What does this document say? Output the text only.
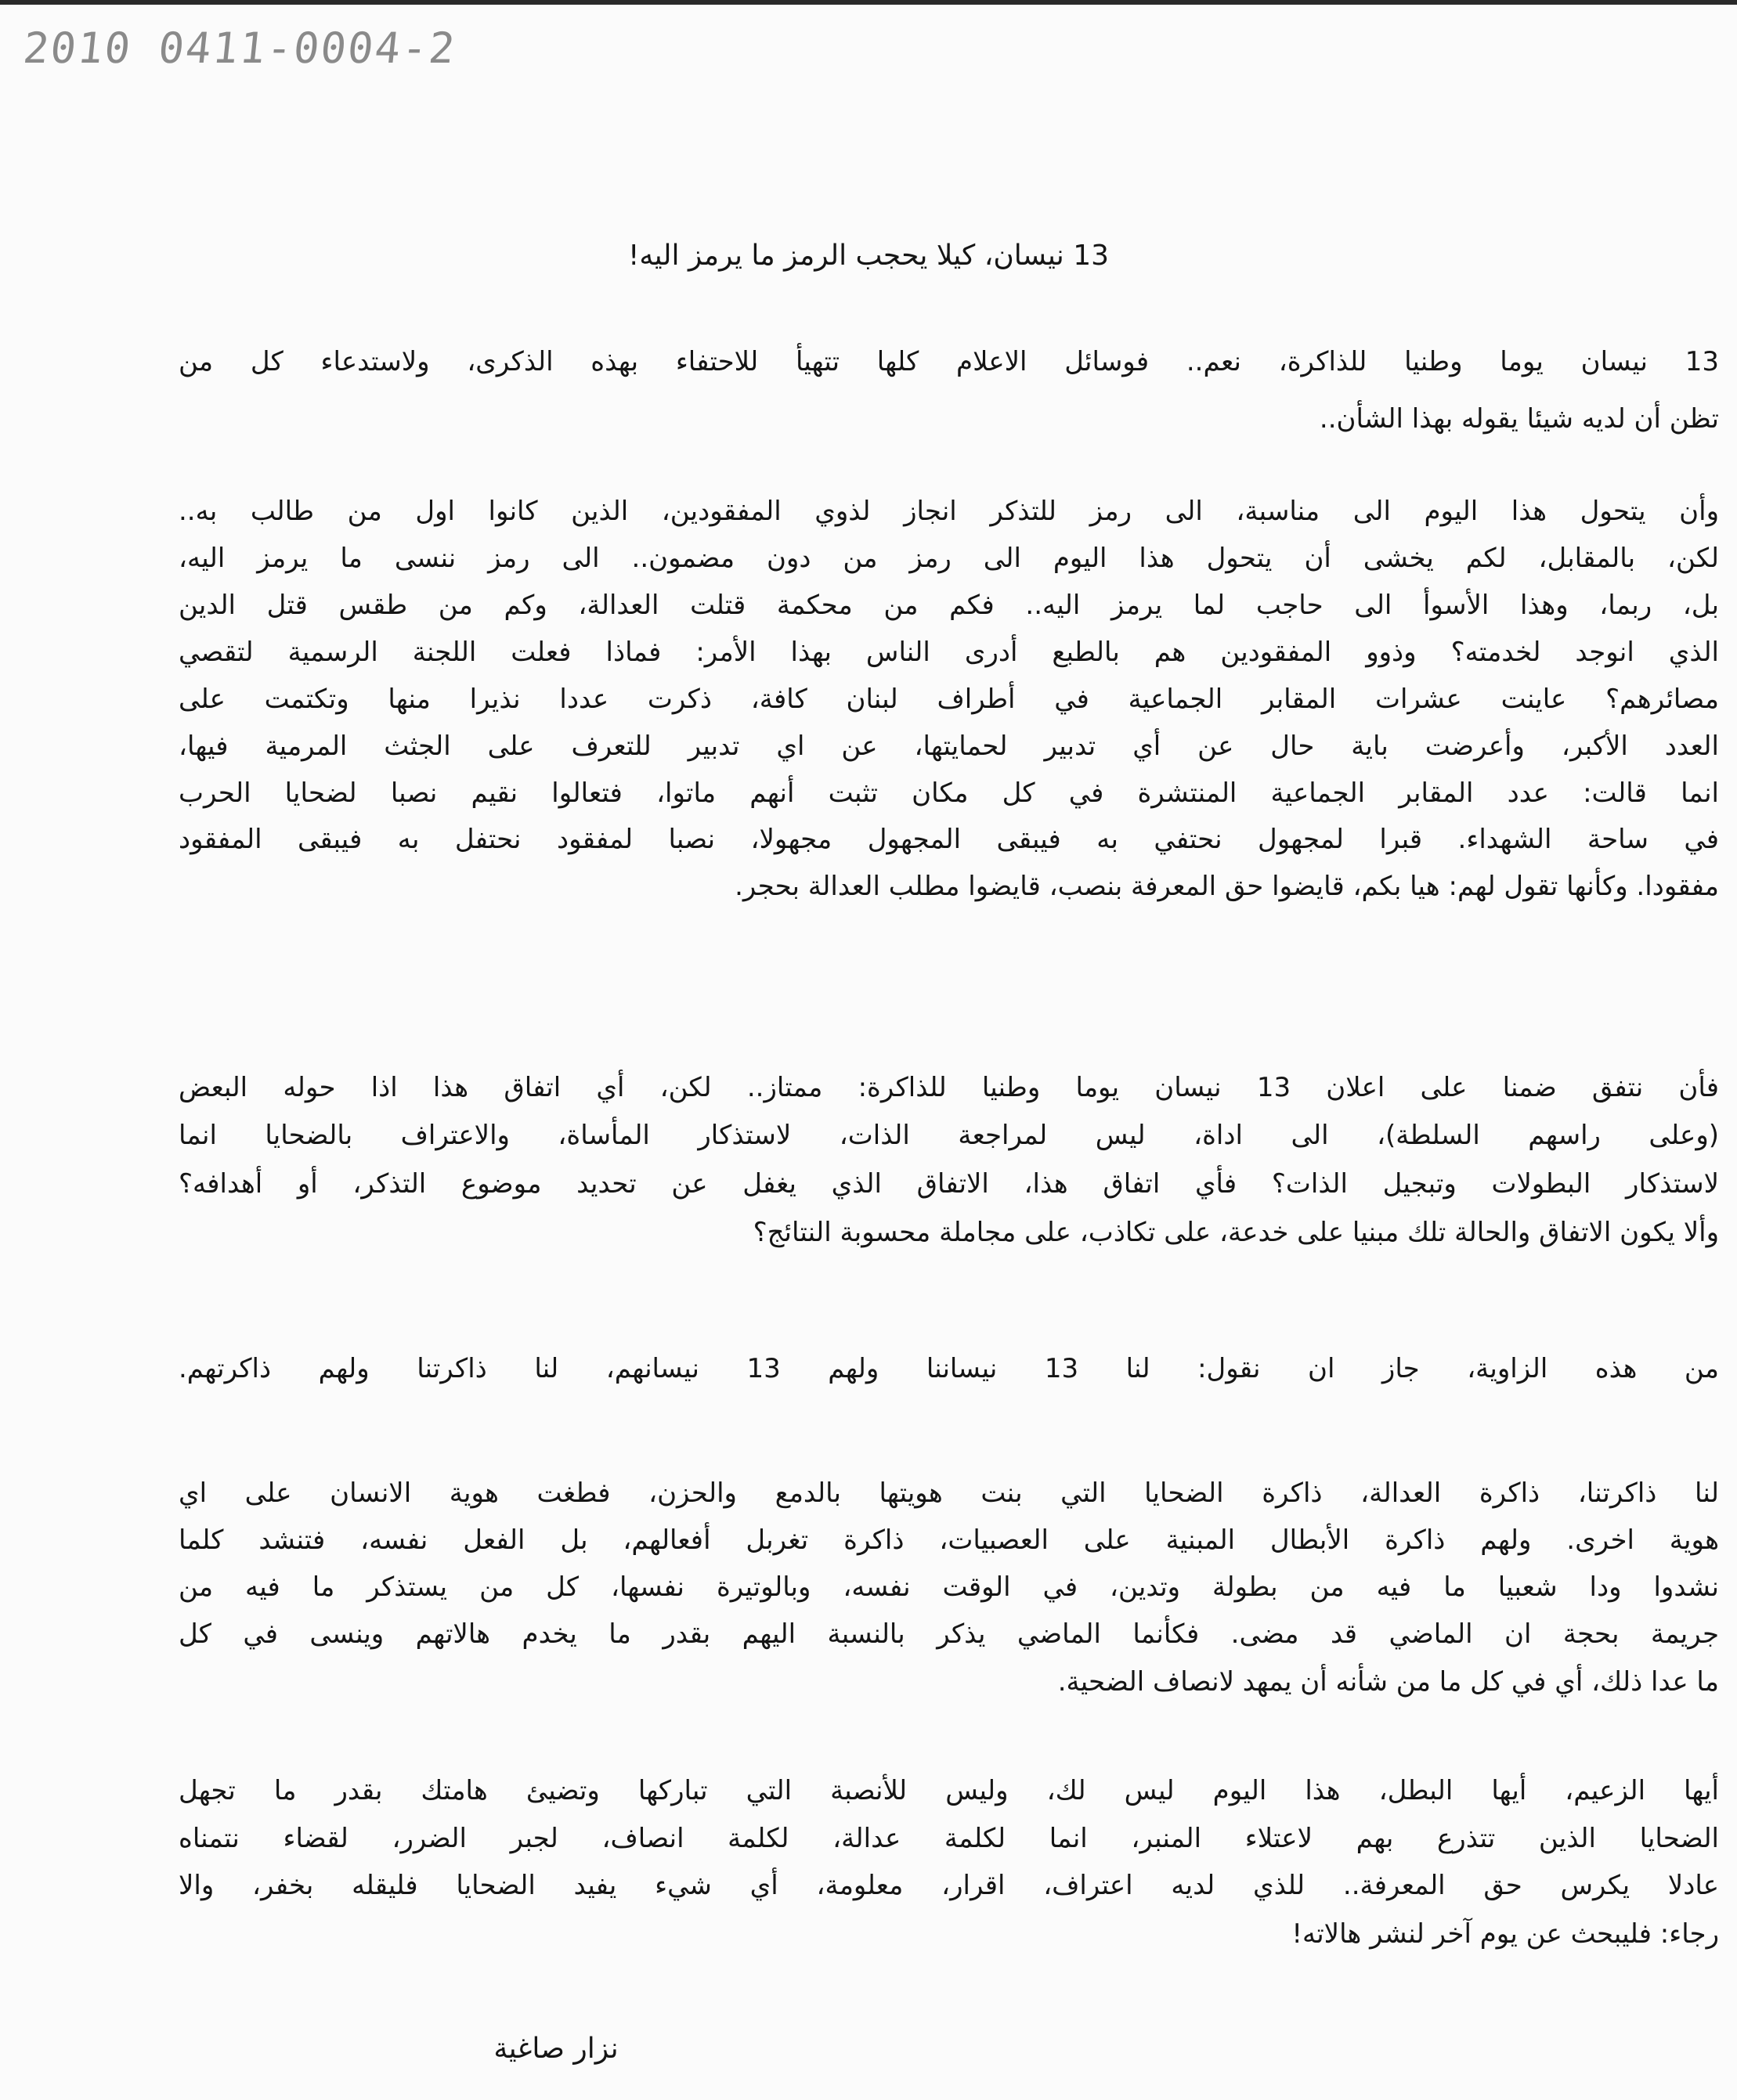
2010 0411-0004-2
13 نيسان، كيلا يحجب الرمز ما يرمز اليه!
13 نيسان يوما وطنيا للذاكرة، نعم.. فوسائل الاعلام كلها تتهيأ للاحتفاء بهذه الذكرى، ولاستدعاء كل من
تظن أن لديه شيئا يقوله بهذا الشأن..
وأن يتحول هذا اليوم الى مناسبة، الى رمز للتذكر انجاز لذوي المفقودين، الذين كانوا اول من طالب به..
لكن، بالمقابل، لكم يخشى أن يتحول هذا اليوم الى رمز من دون مضمون.. الى رمز ننسى ما يرمز اليه،
بل، ربما، وهذا الأسوأ الى حاجب لما يرمز اليه.. فكم من محكمة قتلت العدالة، وكم من طقس قتل الدين
الذي انوجد لخدمته؟ وذوو المفقودين هم بالطبع أدرى الناس بهذا الأمر: فماذا فعلت اللجنة الرسمية لتقصي
مصائرهم؟ عاينت عشرات المقابر الجماعية في أطراف لبنان كافة، ذكرت عددا نذيرا منها وتكتمت على
العدد الأكبر، وأعرضت باية حال عن أي تدبير لحمايتها، عن اي تدبير للتعرف على الجثث المرمية فيها،
انما قالت: عدد المقابر الجماعية المنتشرة في كل مكان تثبت أنهم ماتوا، فتعالوا نقيم نصبا لضحايا الحرب
في ساحة الشهداء. قبرا لمجهول نحتفي به فيبقى المجهول مجهولا، نصبا لمفقود نحتفل به فيبقى المفقود
مفقودا. وكأنها تقول لهم: هيا بكم، قايضوا حق المعرفة بنصب، قايضوا مطلب العدالة بحجر.
فأن نتفق ضمنا على اعلان 13 نيسان يوما وطنيا للذاكرة: ممتاز.. لكن، أي اتفاق هذا اذا حوله البعض
(وعلى راسهم السلطة)، الى اداة، ليس لمراجعة الذات، لاستذكار المأساة، والاعتراف بالضحايا انما
لاستذكار البطولات وتبجيل الذات؟ فأي اتفاق هذا، الاتفاق الذي يغفل عن تحديد موضوع التذكر، أو أهدافه؟
وألا يكون الاتفاق والحالة تلك مبنيا على خدعة، على تكاذب، على مجاملة محسوبة النتائج؟
من هذه الزاوية، جاز ان نقول: لنا 13 نيساننا ولهم 13 نيسانهم، لنا ذاكرتنا ولهم ذاكرتهم.
لنا ذاكرتنا، ذاكرة العدالة، ذاكرة الضحايا التي بنت هويتها بالدمع والحزن، فطغت هوية الانسان على اي
هوية اخرى. ولهم ذاكرة الأبطال المبنية على العصبيات، ذاكرة تغربل أفعالهم، بل الفعل نفسه، فتنشد كلما
نشدوا ودا شعبيا ما فيه من بطولة وتدين، في الوقت نفسه، وبالوتيرة نفسها، كل من يستذكر ما فيه من
جريمة بحجة ان الماضي قد مضى. فكأنما الماضي يذكر بالنسبة اليهم بقدر ما يخدم هالاتهم وينسى في كل
ما عدا ذلك، أي في كل ما من شأنه أن يمهد لانصاف الضحية.
أيها الزعيم، أيها البطل، هذا اليوم ليس لك، وليس للأنصبة التي تباركها وتضيئ هامتك بقدر ما تجهل
الضحايا الذين تتذرع بهم لاعتلاء المنبر، انما لكلمة عدالة، لكلمة انصاف، لجبر الضرر، لقضاء نتمناه
عادلا يكرس حق المعرفة.. للذي لديه اعتراف، اقرار، معلومة، أي شيء يفيد الضحايا فليقله بخفر، والا
رجاء: فليبحث عن يوم آخر لنشر هالاته!
نزار صاغية
